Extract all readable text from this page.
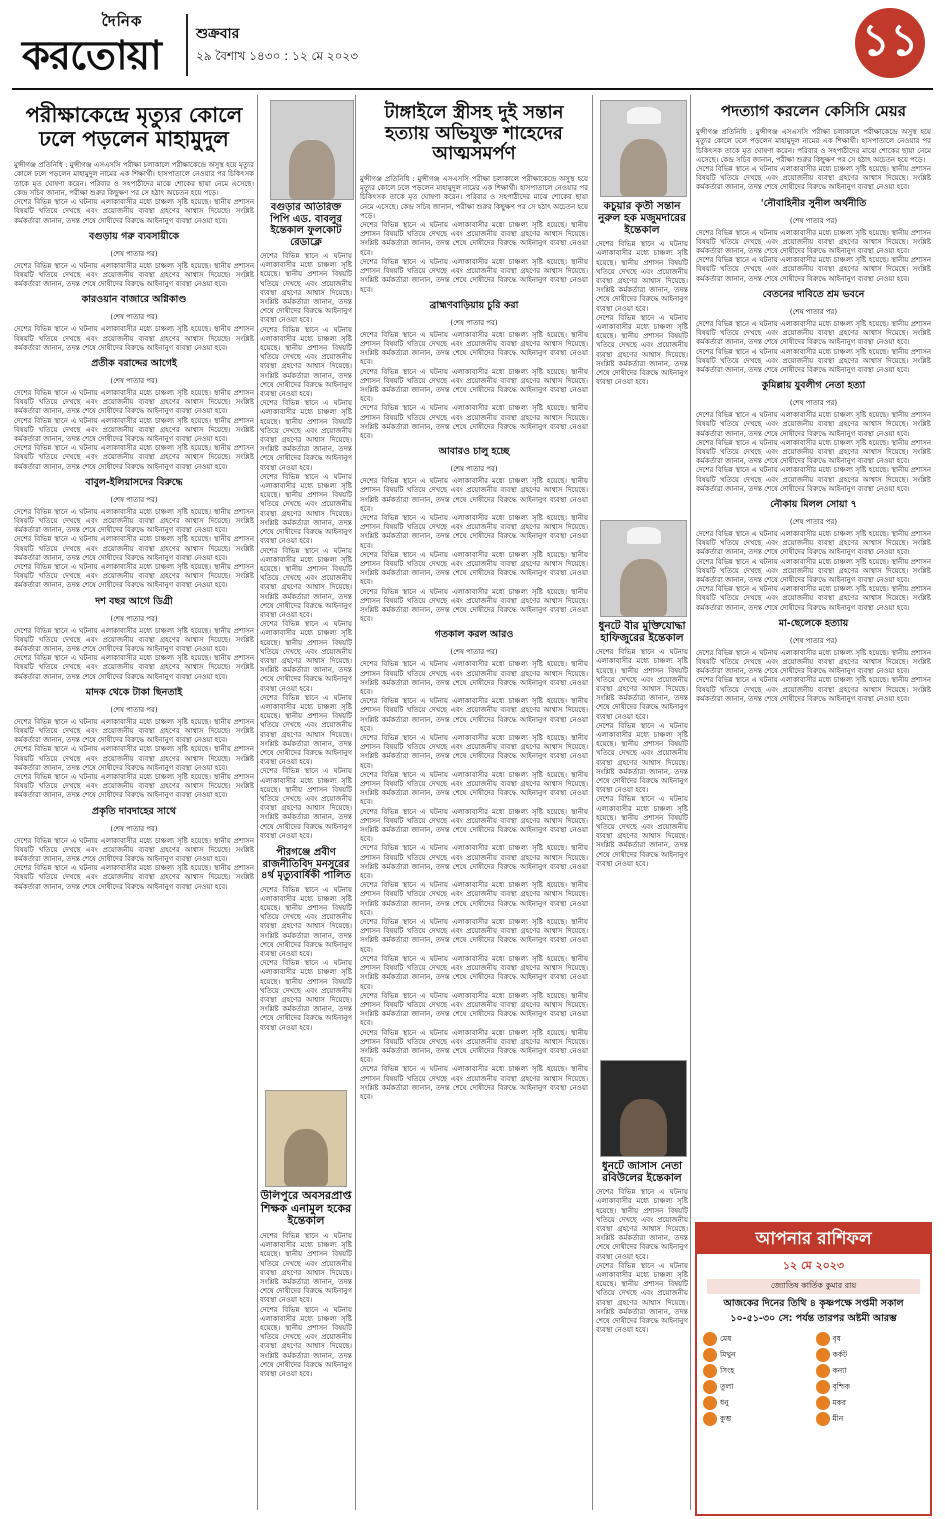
দৈনিক
করতোয়া	শুক্রবার
২৯ বৈশাখ ১৪৩০ : ১২ মে ২০২৩	১১
পরীক্ষাকেন্দ্রে মৃত্যুর কোলে ঢলে পড়লেন মাহামুদুল
মুন্সীগঞ্জ প্রতিনিধি : মুন্সীগঞ্জ এসএসসি পরীক্ষা চলাকালে পরীক্ষাকেন্দ্রে অসুস্থ হয়ে মৃত্যুর কোলে ঢলে পড়লেন মাহামুদুল নামের এক শিক্ষার্থী। হাসপাতালে নেওয়ার পর চিকিৎসক তাকে মৃত ঘোষণা করেন। পরিবার ও সহপাঠীদের মাঝে শোকের ছায়া নেমে এসেছে। কেন্দ্র সচিব জানান, পরীক্ষা শুরুর কিছুক্ষণ পর সে হঠাৎ অচেতন হয়ে পড়ে।
দেশের বিভিন্ন স্থানে এ ঘটনায় এলাকাবাসীর মধ্যে চাঞ্চল্য সৃষ্টি হয়েছে। স্থানীয় প্রশাসন বিষয়টি খতিয়ে দেখছে এবং প্রয়োজনীয় ব্যবস্থা গ্রহণের আশ্বাস দিয়েছে। সংশ্লিষ্ট কর্মকর্তারা জানান, তদন্ত শেষে দোষীদের বিরুদ্ধে আইনানুগ ব্যবস্থা নেওয়া হবে।
বগুড়ায় গরু ব্যবসায়ীকে
(শেষ পাতার পর)
দেশের বিভিন্ন স্থানে এ ঘটনায় এলাকাবাসীর মধ্যে চাঞ্চল্য সৃষ্টি হয়েছে। স্থানীয় প্রশাসন বিষয়টি খতিয়ে দেখছে এবং প্রয়োজনীয় ব্যবস্থা গ্রহণের আশ্বাস দিয়েছে। সংশ্লিষ্ট কর্মকর্তারা জানান, তদন্ত শেষে দোষীদের বিরুদ্ধে আইনানুগ ব্যবস্থা নেওয়া হবে।
কারওয়ান বাজারে অগ্নিকাণ্ড
(শেষ পাতার পর)
দেশের বিভিন্ন স্থানে এ ঘটনায় এলাকাবাসীর মধ্যে চাঞ্চল্য সৃষ্টি হয়েছে। স্থানীয় প্রশাসন বিষয়টি খতিয়ে দেখছে এবং প্রয়োজনীয় ব্যবস্থা গ্রহণের আশ্বাস দিয়েছে। সংশ্লিষ্ট কর্মকর্তারা জানান, তদন্ত শেষে দোষীদের বিরুদ্ধে আইনানুগ ব্যবস্থা নেওয়া হবে।
প্রতীক বরাদ্দের আগেই
(শেষ পাতার পর)
দেশের বিভিন্ন স্থানে এ ঘটনায় এলাকাবাসীর মধ্যে চাঞ্চল্য সৃষ্টি হয়েছে। স্থানীয় প্রশাসন বিষয়টি খতিয়ে দেখছে এবং প্রয়োজনীয় ব্যবস্থা গ্রহণের আশ্বাস দিয়েছে। সংশ্লিষ্ট কর্মকর্তারা জানান, তদন্ত শেষে দোষীদের বিরুদ্ধে আইনানুগ ব্যবস্থা নেওয়া হবে।
দেশের বিভিন্ন স্থানে এ ঘটনায় এলাকাবাসীর মধ্যে চাঞ্চল্য সৃষ্টি হয়েছে। স্থানীয় প্রশাসন বিষয়টি খতিয়ে দেখছে এবং প্রয়োজনীয় ব্যবস্থা গ্রহণের আশ্বাস দিয়েছে। সংশ্লিষ্ট কর্মকর্তারা জানান, তদন্ত শেষে দোষীদের বিরুদ্ধে আইনানুগ ব্যবস্থা নেওয়া হবে।
দেশের বিভিন্ন স্থানে এ ঘটনায় এলাকাবাসীর মধ্যে চাঞ্চল্য সৃষ্টি হয়েছে। স্থানীয় প্রশাসন বিষয়টি খতিয়ে দেখছে এবং প্রয়োজনীয় ব্যবস্থা গ্রহণের আশ্বাস দিয়েছে। সংশ্লিষ্ট কর্মকর্তারা জানান, তদন্ত শেষে দোষীদের বিরুদ্ধে আইনানুগ ব্যবস্থা নেওয়া হবে।
বাবুল-ইলিয়াসদের বিরুদ্ধে
(শেষ পাতার পর)
দেশের বিভিন্ন স্থানে এ ঘটনায় এলাকাবাসীর মধ্যে চাঞ্চল্য সৃষ্টি হয়েছে। স্থানীয় প্রশাসন বিষয়টি খতিয়ে দেখছে এবং প্রয়োজনীয় ব্যবস্থা গ্রহণের আশ্বাস দিয়েছে। সংশ্লিষ্ট কর্মকর্তারা জানান, তদন্ত শেষে দোষীদের বিরুদ্ধে আইনানুগ ব্যবস্থা নেওয়া হবে।
দেশের বিভিন্ন স্থানে এ ঘটনায় এলাকাবাসীর মধ্যে চাঞ্চল্য সৃষ্টি হয়েছে। স্থানীয় প্রশাসন বিষয়টি খতিয়ে দেখছে এবং প্রয়োজনীয় ব্যবস্থা গ্রহণের আশ্বাস দিয়েছে। সংশ্লিষ্ট কর্মকর্তারা জানান, তদন্ত শেষে দোষীদের বিরুদ্ধে আইনানুগ ব্যবস্থা নেওয়া হবে।
দেশের বিভিন্ন স্থানে এ ঘটনায় এলাকাবাসীর মধ্যে চাঞ্চল্য সৃষ্টি হয়েছে। স্থানীয় প্রশাসন বিষয়টি খতিয়ে দেখছে এবং প্রয়োজনীয় ব্যবস্থা গ্রহণের আশ্বাস দিয়েছে। সংশ্লিষ্ট কর্মকর্তারা জানান, তদন্ত শেষে দোষীদের বিরুদ্ধে আইনানুগ ব্যবস্থা নেওয়া হবে।
দশ বছর আগে ডিগ্রী
(শেষ পাতার পর)
দেশের বিভিন্ন স্থানে এ ঘটনায় এলাকাবাসীর মধ্যে চাঞ্চল্য সৃষ্টি হয়েছে। স্থানীয় প্রশাসন বিষয়টি খতিয়ে দেখছে এবং প্রয়োজনীয় ব্যবস্থা গ্রহণের আশ্বাস দিয়েছে। সংশ্লিষ্ট কর্মকর্তারা জানান, তদন্ত শেষে দোষীদের বিরুদ্ধে আইনানুগ ব্যবস্থা নেওয়া হবে।
দেশের বিভিন্ন স্থানে এ ঘটনায় এলাকাবাসীর মধ্যে চাঞ্চল্য সৃষ্টি হয়েছে। স্থানীয় প্রশাসন বিষয়টি খতিয়ে দেখছে এবং প্রয়োজনীয় ব্যবস্থা গ্রহণের আশ্বাস দিয়েছে। সংশ্লিষ্ট কর্মকর্তারা জানান, তদন্ত শেষে দোষীদের বিরুদ্ধে আইনানুগ ব্যবস্থা নেওয়া হবে।
মাদক থেকে টাকা ছিনতাই
(শেষ পাতার পর)
দেশের বিভিন্ন স্থানে এ ঘটনায় এলাকাবাসীর মধ্যে চাঞ্চল্য সৃষ্টি হয়েছে। স্থানীয় প্রশাসন বিষয়টি খতিয়ে দেখছে এবং প্রয়োজনীয় ব্যবস্থা গ্রহণের আশ্বাস দিয়েছে। সংশ্লিষ্ট কর্মকর্তারা জানান, তদন্ত শেষে দোষীদের বিরুদ্ধে আইনানুগ ব্যবস্থা নেওয়া হবে।
দেশের বিভিন্ন স্থানে এ ঘটনায় এলাকাবাসীর মধ্যে চাঞ্চল্য সৃষ্টি হয়েছে। স্থানীয় প্রশাসন বিষয়টি খতিয়ে দেখছে এবং প্রয়োজনীয় ব্যবস্থা গ্রহণের আশ্বাস দিয়েছে। সংশ্লিষ্ট কর্মকর্তারা জানান, তদন্ত শেষে দোষীদের বিরুদ্ধে আইনানুগ ব্যবস্থা নেওয়া হবে।
দেশের বিভিন্ন স্থানে এ ঘটনায় এলাকাবাসীর মধ্যে চাঞ্চল্য সৃষ্টি হয়েছে। স্থানীয় প্রশাসন বিষয়টি খতিয়ে দেখছে এবং প্রয়োজনীয় ব্যবস্থা গ্রহণের আশ্বাস দিয়েছে। সংশ্লিষ্ট কর্মকর্তারা জানান, তদন্ত শেষে দোষীদের বিরুদ্ধে আইনানুগ ব্যবস্থা নেওয়া হবে।
প্রকৃতি দাবদাহের সাথে
(শেষ পাতার পর)
দেশের বিভিন্ন স্থানে এ ঘটনায় এলাকাবাসীর মধ্যে চাঞ্চল্য সৃষ্টি হয়েছে। স্থানীয় প্রশাসন বিষয়টি খতিয়ে দেখছে এবং প্রয়োজনীয় ব্যবস্থা গ্রহণের আশ্বাস দিয়েছে। সংশ্লিষ্ট কর্মকর্তারা জানান, তদন্ত শেষে দোষীদের বিরুদ্ধে আইনানুগ ব্যবস্থা নেওয়া হবে।
দেশের বিভিন্ন স্থানে এ ঘটনায় এলাকাবাসীর মধ্যে চাঞ্চল্য সৃষ্টি হয়েছে। স্থানীয় প্রশাসন বিষয়টি খতিয়ে দেখছে এবং প্রয়োজনীয় ব্যবস্থা গ্রহণের আশ্বাস দিয়েছে। সংশ্লিষ্ট কর্মকর্তারা জানান, তদন্ত শেষে দোষীদের বিরুদ্ধে আইনানুগ ব্যবস্থা নেওয়া হবে।
বগুড়ার অতিরিক্ত পিপি এড. বাবলুর ইন্তেকাল ফুলকোট রেডাক্লে
দেশের বিভিন্ন স্থানে এ ঘটনায় এলাকাবাসীর মধ্যে চাঞ্চল্য সৃষ্টি হয়েছে। স্থানীয় প্রশাসন বিষয়টি খতিয়ে দেখছে এবং প্রয়োজনীয় ব্যবস্থা গ্রহণের আশ্বাস দিয়েছে। সংশ্লিষ্ট কর্মকর্তারা জানান, তদন্ত শেষে দোষীদের বিরুদ্ধে আইনানুগ ব্যবস্থা নেওয়া হবে।
দেশের বিভিন্ন স্থানে এ ঘটনায় এলাকাবাসীর মধ্যে চাঞ্চল্য সৃষ্টি হয়েছে। স্থানীয় প্রশাসন বিষয়টি খতিয়ে দেখছে এবং প্রয়োজনীয় ব্যবস্থা গ্রহণের আশ্বাস দিয়েছে। সংশ্লিষ্ট কর্মকর্তারা জানান, তদন্ত শেষে দোষীদের বিরুদ্ধে আইনানুগ ব্যবস্থা নেওয়া হবে।
দেশের বিভিন্ন স্থানে এ ঘটনায় এলাকাবাসীর মধ্যে চাঞ্চল্য সৃষ্টি হয়েছে। স্থানীয় প্রশাসন বিষয়টি খতিয়ে দেখছে এবং প্রয়োজনীয় ব্যবস্থা গ্রহণের আশ্বাস দিয়েছে। সংশ্লিষ্ট কর্মকর্তারা জানান, তদন্ত শেষে দোষীদের বিরুদ্ধে আইনানুগ ব্যবস্থা নেওয়া হবে।
দেশের বিভিন্ন স্থানে এ ঘটনায় এলাকাবাসীর মধ্যে চাঞ্চল্য সৃষ্টি হয়েছে। স্থানীয় প্রশাসন বিষয়টি খতিয়ে দেখছে এবং প্রয়োজনীয় ব্যবস্থা গ্রহণের আশ্বাস দিয়েছে। সংশ্লিষ্ট কর্মকর্তারা জানান, তদন্ত শেষে দোষীদের বিরুদ্ধে আইনানুগ ব্যবস্থা নেওয়া হবে।
দেশের বিভিন্ন স্থানে এ ঘটনায় এলাকাবাসীর মধ্যে চাঞ্চল্য সৃষ্টি হয়েছে। স্থানীয় প্রশাসন বিষয়টি খতিয়ে দেখছে এবং প্রয়োজনীয় ব্যবস্থা গ্রহণের আশ্বাস দিয়েছে। সংশ্লিষ্ট কর্মকর্তারা জানান, তদন্ত শেষে দোষীদের বিরুদ্ধে আইনানুগ ব্যবস্থা নেওয়া হবে।
দেশের বিভিন্ন স্থানে এ ঘটনায় এলাকাবাসীর মধ্যে চাঞ্চল্য সৃষ্টি হয়েছে। স্থানীয় প্রশাসন বিষয়টি খতিয়ে দেখছে এবং প্রয়োজনীয় ব্যবস্থা গ্রহণের আশ্বাস দিয়েছে। সংশ্লিষ্ট কর্মকর্তারা জানান, তদন্ত শেষে দোষীদের বিরুদ্ধে আইনানুগ ব্যবস্থা নেওয়া হবে।
দেশের বিভিন্ন স্থানে এ ঘটনায় এলাকাবাসীর মধ্যে চাঞ্চল্য সৃষ্টি হয়েছে। স্থানীয় প্রশাসন বিষয়টি খতিয়ে দেখছে এবং প্রয়োজনীয় ব্যবস্থা গ্রহণের আশ্বাস দিয়েছে। সংশ্লিষ্ট কর্মকর্তারা জানান, তদন্ত শেষে দোষীদের বিরুদ্ধে আইনানুগ ব্যবস্থা নেওয়া হবে।
দেশের বিভিন্ন স্থানে এ ঘটনায় এলাকাবাসীর মধ্যে চাঞ্চল্য সৃষ্টি হয়েছে। স্থানীয় প্রশাসন বিষয়টি খতিয়ে দেখছে এবং প্রয়োজনীয় ব্যবস্থা গ্রহণের আশ্বাস দিয়েছে। সংশ্লিষ্ট কর্মকর্তারা জানান, তদন্ত শেষে দোষীদের বিরুদ্ধে আইনানুগ ব্যবস্থা নেওয়া হবে।
পীরগঞ্জে প্রবীণ রাজনীতিবিদ মনসুরের ৪র্থ মৃত্যুবার্ষিকী পালিত
দেশের বিভিন্ন স্থানে এ ঘটনায় এলাকাবাসীর মধ্যে চাঞ্চল্য সৃষ্টি হয়েছে। স্থানীয় প্রশাসন বিষয়টি খতিয়ে দেখছে এবং প্রয়োজনীয় ব্যবস্থা গ্রহণের আশ্বাস দিয়েছে। সংশ্লিষ্ট কর্মকর্তারা জানান, তদন্ত শেষে দোষীদের বিরুদ্ধে আইনানুগ ব্যবস্থা নেওয়া হবে।
দেশের বিভিন্ন স্থানে এ ঘটনায় এলাকাবাসীর মধ্যে চাঞ্চল্য সৃষ্টি হয়েছে। স্থানীয় প্রশাসন বিষয়টি খতিয়ে দেখছে এবং প্রয়োজনীয় ব্যবস্থা গ্রহণের আশ্বাস দিয়েছে। সংশ্লিষ্ট কর্মকর্তারা জানান, তদন্ত শেষে দোষীদের বিরুদ্ধে আইনানুগ ব্যবস্থা নেওয়া হবে।
উলিপুরে অবসরপ্রাপ্ত শিক্ষক এনামুল হকের ইন্তেকাল
দেশের বিভিন্ন স্থানে এ ঘটনায় এলাকাবাসীর মধ্যে চাঞ্চল্য সৃষ্টি হয়েছে। স্থানীয় প্রশাসন বিষয়টি খতিয়ে দেখছে এবং প্রয়োজনীয় ব্যবস্থা গ্রহণের আশ্বাস দিয়েছে। সংশ্লিষ্ট কর্মকর্তারা জানান, তদন্ত শেষে দোষীদের বিরুদ্ধে আইনানুগ ব্যবস্থা নেওয়া হবে।
দেশের বিভিন্ন স্থানে এ ঘটনায় এলাকাবাসীর মধ্যে চাঞ্চল্য সৃষ্টি হয়েছে। স্থানীয় প্রশাসন বিষয়টি খতিয়ে দেখছে এবং প্রয়োজনীয় ব্যবস্থা গ্রহণের আশ্বাস দিয়েছে। সংশ্লিষ্ট কর্মকর্তারা জানান, তদন্ত শেষে দোষীদের বিরুদ্ধে আইনানুগ ব্যবস্থা নেওয়া হবে।
টাঙ্গাইলে স্ত্রীসহ দুই সন্তান হত্যায় অভিযুক্ত শাহেদের আত্মসমর্পণ
মুন্সীগঞ্জ প্রতিনিধি : মুন্সীগঞ্জ এসএসসি পরীক্ষা চলাকালে পরীক্ষাকেন্দ্রে অসুস্থ হয়ে মৃত্যুর কোলে ঢলে পড়লেন মাহামুদুল নামের এক শিক্ষার্থী। হাসপাতালে নেওয়ার পর চিকিৎসক তাকে মৃত ঘোষণা করেন। পরিবার ও সহপাঠীদের মাঝে শোকের ছায়া নেমে এসেছে। কেন্দ্র সচিব জানান, পরীক্ষা শুরুর কিছুক্ষণ পর সে হঠাৎ অচেতন হয়ে পড়ে।
দেশের বিভিন্ন স্থানে এ ঘটনায় এলাকাবাসীর মধ্যে চাঞ্চল্য সৃষ্টি হয়েছে। স্থানীয় প্রশাসন বিষয়টি খতিয়ে দেখছে এবং প্রয়োজনীয় ব্যবস্থা গ্রহণের আশ্বাস দিয়েছে। সংশ্লিষ্ট কর্মকর্তারা জানান, তদন্ত শেষে দোষীদের বিরুদ্ধে আইনানুগ ব্যবস্থা নেওয়া হবে।
দেশের বিভিন্ন স্থানে এ ঘটনায় এলাকাবাসীর মধ্যে চাঞ্চল্য সৃষ্টি হয়েছে। স্থানীয় প্রশাসন বিষয়টি খতিয়ে দেখছে এবং প্রয়োজনীয় ব্যবস্থা গ্রহণের আশ্বাস দিয়েছে। সংশ্লিষ্ট কর্মকর্তারা জানান, তদন্ত শেষে দোষীদের বিরুদ্ধে আইনানুগ ব্যবস্থা নেওয়া হবে।
ব্রাহ্মণবাড়িয়ায় চুরি করা
(শেষ পাতার পর)
দেশের বিভিন্ন স্থানে এ ঘটনায় এলাকাবাসীর মধ্যে চাঞ্চল্য সৃষ্টি হয়েছে। স্থানীয় প্রশাসন বিষয়টি খতিয়ে দেখছে এবং প্রয়োজনীয় ব্যবস্থা গ্রহণের আশ্বাস দিয়েছে। সংশ্লিষ্ট কর্মকর্তারা জানান, তদন্ত শেষে দোষীদের বিরুদ্ধে আইনানুগ ব্যবস্থা নেওয়া হবে।
দেশের বিভিন্ন স্থানে এ ঘটনায় এলাকাবাসীর মধ্যে চাঞ্চল্য সৃষ্টি হয়েছে। স্থানীয় প্রশাসন বিষয়টি খতিয়ে দেখছে এবং প্রয়োজনীয় ব্যবস্থা গ্রহণের আশ্বাস দিয়েছে। সংশ্লিষ্ট কর্মকর্তারা জানান, তদন্ত শেষে দোষীদের বিরুদ্ধে আইনানুগ ব্যবস্থা নেওয়া হবে।
দেশের বিভিন্ন স্থানে এ ঘটনায় এলাকাবাসীর মধ্যে চাঞ্চল্য সৃষ্টি হয়েছে। স্থানীয় প্রশাসন বিষয়টি খতিয়ে দেখছে এবং প্রয়োজনীয় ব্যবস্থা গ্রহণের আশ্বাস দিয়েছে। সংশ্লিষ্ট কর্মকর্তারা জানান, তদন্ত শেষে দোষীদের বিরুদ্ধে আইনানুগ ব্যবস্থা নেওয়া হবে।
আবারও চালু হচ্ছে
(শেষ পাতার পর)
দেশের বিভিন্ন স্থানে এ ঘটনায় এলাকাবাসীর মধ্যে চাঞ্চল্য সৃষ্টি হয়েছে। স্থানীয় প্রশাসন বিষয়টি খতিয়ে দেখছে এবং প্রয়োজনীয় ব্যবস্থা গ্রহণের আশ্বাস দিয়েছে। সংশ্লিষ্ট কর্মকর্তারা জানান, তদন্ত শেষে দোষীদের বিরুদ্ধে আইনানুগ ব্যবস্থা নেওয়া হবে।
দেশের বিভিন্ন স্থানে এ ঘটনায় এলাকাবাসীর মধ্যে চাঞ্চল্য সৃষ্টি হয়েছে। স্থানীয় প্রশাসন বিষয়টি খতিয়ে দেখছে এবং প্রয়োজনীয় ব্যবস্থা গ্রহণের আশ্বাস দিয়েছে। সংশ্লিষ্ট কর্মকর্তারা জানান, তদন্ত শেষে দোষীদের বিরুদ্ধে আইনানুগ ব্যবস্থা নেওয়া হবে।
দেশের বিভিন্ন স্থানে এ ঘটনায় এলাকাবাসীর মধ্যে চাঞ্চল্য সৃষ্টি হয়েছে। স্থানীয় প্রশাসন বিষয়টি খতিয়ে দেখছে এবং প্রয়োজনীয় ব্যবস্থা গ্রহণের আশ্বাস দিয়েছে। সংশ্লিষ্ট কর্মকর্তারা জানান, তদন্ত শেষে দোষীদের বিরুদ্ধে আইনানুগ ব্যবস্থা নেওয়া হবে।
দেশের বিভিন্ন স্থানে এ ঘটনায় এলাকাবাসীর মধ্যে চাঞ্চল্য সৃষ্টি হয়েছে। স্থানীয় প্রশাসন বিষয়টি খতিয়ে দেখছে এবং প্রয়োজনীয় ব্যবস্থা গ্রহণের আশ্বাস দিয়েছে। সংশ্লিষ্ট কর্মকর্তারা জানান, তদন্ত শেষে দোষীদের বিরুদ্ধে আইনানুগ ব্যবস্থা নেওয়া হবে।
গতকাল করল আরও
(শেষ পাতার পর)
দেশের বিভিন্ন স্থানে এ ঘটনায় এলাকাবাসীর মধ্যে চাঞ্চল্য সৃষ্টি হয়েছে। স্থানীয় প্রশাসন বিষয়টি খতিয়ে দেখছে এবং প্রয়োজনীয় ব্যবস্থা গ্রহণের আশ্বাস দিয়েছে। সংশ্লিষ্ট কর্মকর্তারা জানান, তদন্ত শেষে দোষীদের বিরুদ্ধে আইনানুগ ব্যবস্থা নেওয়া হবে।
দেশের বিভিন্ন স্থানে এ ঘটনায় এলাকাবাসীর মধ্যে চাঞ্চল্য সৃষ্টি হয়েছে। স্থানীয় প্রশাসন বিষয়টি খতিয়ে দেখছে এবং প্রয়োজনীয় ব্যবস্থা গ্রহণের আশ্বাস দিয়েছে। সংশ্লিষ্ট কর্মকর্তারা জানান, তদন্ত শেষে দোষীদের বিরুদ্ধে আইনানুগ ব্যবস্থা নেওয়া হবে।
দেশের বিভিন্ন স্থানে এ ঘটনায় এলাকাবাসীর মধ্যে চাঞ্চল্য সৃষ্টি হয়েছে। স্থানীয় প্রশাসন বিষয়টি খতিয়ে দেখছে এবং প্রয়োজনীয় ব্যবস্থা গ্রহণের আশ্বাস দিয়েছে। সংশ্লিষ্ট কর্মকর্তারা জানান, তদন্ত শেষে দোষীদের বিরুদ্ধে আইনানুগ ব্যবস্থা নেওয়া হবে।
দেশের বিভিন্ন স্থানে এ ঘটনায় এলাকাবাসীর মধ্যে চাঞ্চল্য সৃষ্টি হয়েছে। স্থানীয় প্রশাসন বিষয়টি খতিয়ে দেখছে এবং প্রয়োজনীয় ব্যবস্থা গ্রহণের আশ্বাস দিয়েছে। সংশ্লিষ্ট কর্মকর্তারা জানান, তদন্ত শেষে দোষীদের বিরুদ্ধে আইনানুগ ব্যবস্থা নেওয়া হবে।
দেশের বিভিন্ন স্থানে এ ঘটনায় এলাকাবাসীর মধ্যে চাঞ্চল্য সৃষ্টি হয়েছে। স্থানীয় প্রশাসন বিষয়টি খতিয়ে দেখছে এবং প্রয়োজনীয় ব্যবস্থা গ্রহণের আশ্বাস দিয়েছে। সংশ্লিষ্ট কর্মকর্তারা জানান, তদন্ত শেষে দোষীদের বিরুদ্ধে আইনানুগ ব্যবস্থা নেওয়া হবে।
দেশের বিভিন্ন স্থানে এ ঘটনায় এলাকাবাসীর মধ্যে চাঞ্চল্য সৃষ্টি হয়েছে। স্থানীয় প্রশাসন বিষয়টি খতিয়ে দেখছে এবং প্রয়োজনীয় ব্যবস্থা গ্রহণের আশ্বাস দিয়েছে। সংশ্লিষ্ট কর্মকর্তারা জানান, তদন্ত শেষে দোষীদের বিরুদ্ধে আইনানুগ ব্যবস্থা নেওয়া হবে।
দেশের বিভিন্ন স্থানে এ ঘটনায় এলাকাবাসীর মধ্যে চাঞ্চল্য সৃষ্টি হয়েছে। স্থানীয় প্রশাসন বিষয়টি খতিয়ে দেখছে এবং প্রয়োজনীয় ব্যবস্থা গ্রহণের আশ্বাস দিয়েছে। সংশ্লিষ্ট কর্মকর্তারা জানান, তদন্ত শেষে দোষীদের বিরুদ্ধে আইনানুগ ব্যবস্থা নেওয়া হবে।
দেশের বিভিন্ন স্থানে এ ঘটনায় এলাকাবাসীর মধ্যে চাঞ্চল্য সৃষ্টি হয়েছে। স্থানীয় প্রশাসন বিষয়টি খতিয়ে দেখছে এবং প্রয়োজনীয় ব্যবস্থা গ্রহণের আশ্বাস দিয়েছে। সংশ্লিষ্ট কর্মকর্তারা জানান, তদন্ত শেষে দোষীদের বিরুদ্ধে আইনানুগ ব্যবস্থা নেওয়া হবে।
দেশের বিভিন্ন স্থানে এ ঘটনায় এলাকাবাসীর মধ্যে চাঞ্চল্য সৃষ্টি হয়েছে। স্থানীয় প্রশাসন বিষয়টি খতিয়ে দেখছে এবং প্রয়োজনীয় ব্যবস্থা গ্রহণের আশ্বাস দিয়েছে। সংশ্লিষ্ট কর্মকর্তারা জানান, তদন্ত শেষে দোষীদের বিরুদ্ধে আইনানুগ ব্যবস্থা নেওয়া হবে।
দেশের বিভিন্ন স্থানে এ ঘটনায় এলাকাবাসীর মধ্যে চাঞ্চল্য সৃষ্টি হয়েছে। স্থানীয় প্রশাসন বিষয়টি খতিয়ে দেখছে এবং প্রয়োজনীয় ব্যবস্থা গ্রহণের আশ্বাস দিয়েছে। সংশ্লিষ্ট কর্মকর্তারা জানান, তদন্ত শেষে দোষীদের বিরুদ্ধে আইনানুগ ব্যবস্থা নেওয়া হবে।
দেশের বিভিন্ন স্থানে এ ঘটনায় এলাকাবাসীর মধ্যে চাঞ্চল্য সৃষ্টি হয়েছে। স্থানীয় প্রশাসন বিষয়টি খতিয়ে দেখছে এবং প্রয়োজনীয় ব্যবস্থা গ্রহণের আশ্বাস দিয়েছে। সংশ্লিষ্ট কর্মকর্তারা জানান, তদন্ত শেষে দোষীদের বিরুদ্ধে আইনানুগ ব্যবস্থা নেওয়া হবে।
দেশের বিভিন্ন স্থানে এ ঘটনায় এলাকাবাসীর মধ্যে চাঞ্চল্য সৃষ্টি হয়েছে। স্থানীয় প্রশাসন বিষয়টি খতিয়ে দেখছে এবং প্রয়োজনীয় ব্যবস্থা গ্রহণের আশ্বাস দিয়েছে। সংশ্লিষ্ট কর্মকর্তারা জানান, তদন্ত শেষে দোষীদের বিরুদ্ধে আইনানুগ ব্যবস্থা নেওয়া হবে।
কচুয়ার কৃতী সন্তান নুরুল হক মজুমদারের ইন্তেকাল
দেশের বিভিন্ন স্থানে এ ঘটনায় এলাকাবাসীর মধ্যে চাঞ্চল্য সৃষ্টি হয়েছে। স্থানীয় প্রশাসন বিষয়টি খতিয়ে দেখছে এবং প্রয়োজনীয় ব্যবস্থা গ্রহণের আশ্বাস দিয়েছে। সংশ্লিষ্ট কর্মকর্তারা জানান, তদন্ত শেষে দোষীদের বিরুদ্ধে আইনানুগ ব্যবস্থা নেওয়া হবে।
দেশের বিভিন্ন স্থানে এ ঘটনায় এলাকাবাসীর মধ্যে চাঞ্চল্য সৃষ্টি হয়েছে। স্থানীয় প্রশাসন বিষয়টি খতিয়ে দেখছে এবং প্রয়োজনীয় ব্যবস্থা গ্রহণের আশ্বাস দিয়েছে। সংশ্লিষ্ট কর্মকর্তারা জানান, তদন্ত শেষে দোষীদের বিরুদ্ধে আইনানুগ ব্যবস্থা নেওয়া হবে।
ধুনটে বীর মুক্তিযোদ্ধা হাফিজুরের ইন্তেকাল
দেশের বিভিন্ন স্থানে এ ঘটনায় এলাকাবাসীর মধ্যে চাঞ্চল্য সৃষ্টি হয়েছে। স্থানীয় প্রশাসন বিষয়টি খতিয়ে দেখছে এবং প্রয়োজনীয় ব্যবস্থা গ্রহণের আশ্বাস দিয়েছে। সংশ্লিষ্ট কর্মকর্তারা জানান, তদন্ত শেষে দোষীদের বিরুদ্ধে আইনানুগ ব্যবস্থা নেওয়া হবে।
দেশের বিভিন্ন স্থানে এ ঘটনায় এলাকাবাসীর মধ্যে চাঞ্চল্য সৃষ্টি হয়েছে। স্থানীয় প্রশাসন বিষয়টি খতিয়ে দেখছে এবং প্রয়োজনীয় ব্যবস্থা গ্রহণের আশ্বাস দিয়েছে। সংশ্লিষ্ট কর্মকর্তারা জানান, তদন্ত শেষে দোষীদের বিরুদ্ধে আইনানুগ ব্যবস্থা নেওয়া হবে।
দেশের বিভিন্ন স্থানে এ ঘটনায় এলাকাবাসীর মধ্যে চাঞ্চল্য সৃষ্টি হয়েছে। স্থানীয় প্রশাসন বিষয়টি খতিয়ে দেখছে এবং প্রয়োজনীয় ব্যবস্থা গ্রহণের আশ্বাস দিয়েছে। সংশ্লিষ্ট কর্মকর্তারা জানান, তদন্ত শেষে দোষীদের বিরুদ্ধে আইনানুগ ব্যবস্থা নেওয়া হবে।
ধুনটে জাসাস নেতা রবিউলের ইন্তেকাল
দেশের বিভিন্ন স্থানে এ ঘটনায় এলাকাবাসীর মধ্যে চাঞ্চল্য সৃষ্টি হয়েছে। স্থানীয় প্রশাসন বিষয়টি খতিয়ে দেখছে এবং প্রয়োজনীয় ব্যবস্থা গ্রহণের আশ্বাস দিয়েছে। সংশ্লিষ্ট কর্মকর্তারা জানান, তদন্ত শেষে দোষীদের বিরুদ্ধে আইনানুগ ব্যবস্থা নেওয়া হবে।
দেশের বিভিন্ন স্থানে এ ঘটনায় এলাকাবাসীর মধ্যে চাঞ্চল্য সৃষ্টি হয়েছে। স্থানীয় প্রশাসন বিষয়টি খতিয়ে দেখছে এবং প্রয়োজনীয় ব্যবস্থা গ্রহণের আশ্বাস দিয়েছে। সংশ্লিষ্ট কর্মকর্তারা জানান, তদন্ত শেষে দোষীদের বিরুদ্ধে আইনানুগ ব্যবস্থা নেওয়া হবে।
পদত্যাগ করলেন কেসিসি মেয়র
মুন্সীগঞ্জ প্রতিনিধি : মুন্সীগঞ্জ এসএসসি পরীক্ষা চলাকালে পরীক্ষাকেন্দ্রে অসুস্থ হয়ে মৃত্যুর কোলে ঢলে পড়লেন মাহামুদুল নামের এক শিক্ষার্থী। হাসপাতালে নেওয়ার পর চিকিৎসক তাকে মৃত ঘোষণা করেন। পরিবার ও সহপাঠীদের মাঝে শোকের ছায়া নেমে এসেছে। কেন্দ্র সচিব জানান, পরীক্ষা শুরুর কিছুক্ষণ পর সে হঠাৎ অচেতন হয়ে পড়ে।
দেশের বিভিন্ন স্থানে এ ঘটনায় এলাকাবাসীর মধ্যে চাঞ্চল্য সৃষ্টি হয়েছে। স্থানীয় প্রশাসন বিষয়টি খতিয়ে দেখছে এবং প্রয়োজনীয় ব্যবস্থা গ্রহণের আশ্বাস দিয়েছে। সংশ্লিষ্ট কর্মকর্তারা জানান, তদন্ত শেষে দোষীদের বিরুদ্ধে আইনানুগ ব্যবস্থা নেওয়া হবে।
'নৌবাহিনীর সুনীল অর্থনীতি
(শেষ পাতার পর)
দেশের বিভিন্ন স্থানে এ ঘটনায় এলাকাবাসীর মধ্যে চাঞ্চল্য সৃষ্টি হয়েছে। স্থানীয় প্রশাসন বিষয়টি খতিয়ে দেখছে এবং প্রয়োজনীয় ব্যবস্থা গ্রহণের আশ্বাস দিয়েছে। সংশ্লিষ্ট কর্মকর্তারা জানান, তদন্ত শেষে দোষীদের বিরুদ্ধে আইনানুগ ব্যবস্থা নেওয়া হবে।
দেশের বিভিন্ন স্থানে এ ঘটনায় এলাকাবাসীর মধ্যে চাঞ্চল্য সৃষ্টি হয়েছে। স্থানীয় প্রশাসন বিষয়টি খতিয়ে দেখছে এবং প্রয়োজনীয় ব্যবস্থা গ্রহণের আশ্বাস দিয়েছে। সংশ্লিষ্ট কর্মকর্তারা জানান, তদন্ত শেষে দোষীদের বিরুদ্ধে আইনানুগ ব্যবস্থা নেওয়া হবে।
বেতনের দাবিতে শ্রম ভবনে
(শেষ পাতার পর)
দেশের বিভিন্ন স্থানে এ ঘটনায় এলাকাবাসীর মধ্যে চাঞ্চল্য সৃষ্টি হয়েছে। স্থানীয় প্রশাসন বিষয়টি খতিয়ে দেখছে এবং প্রয়োজনীয় ব্যবস্থা গ্রহণের আশ্বাস দিয়েছে। সংশ্লিষ্ট কর্মকর্তারা জানান, তদন্ত শেষে দোষীদের বিরুদ্ধে আইনানুগ ব্যবস্থা নেওয়া হবে।
দেশের বিভিন্ন স্থানে এ ঘটনায় এলাকাবাসীর মধ্যে চাঞ্চল্য সৃষ্টি হয়েছে। স্থানীয় প্রশাসন বিষয়টি খতিয়ে দেখছে এবং প্রয়োজনীয় ব্যবস্থা গ্রহণের আশ্বাস দিয়েছে। সংশ্লিষ্ট কর্মকর্তারা জানান, তদন্ত শেষে দোষীদের বিরুদ্ধে আইনানুগ ব্যবস্থা নেওয়া হবে।
কুমিল্লায় যুবলীগ নেতা হত্যা
(শেষ পাতার পর)
দেশের বিভিন্ন স্থানে এ ঘটনায় এলাকাবাসীর মধ্যে চাঞ্চল্য সৃষ্টি হয়েছে। স্থানীয় প্রশাসন বিষয়টি খতিয়ে দেখছে এবং প্রয়োজনীয় ব্যবস্থা গ্রহণের আশ্বাস দিয়েছে। সংশ্লিষ্ট কর্মকর্তারা জানান, তদন্ত শেষে দোষীদের বিরুদ্ধে আইনানুগ ব্যবস্থা নেওয়া হবে।
দেশের বিভিন্ন স্থানে এ ঘটনায় এলাকাবাসীর মধ্যে চাঞ্চল্য সৃষ্টি হয়েছে। স্থানীয় প্রশাসন বিষয়টি খতিয়ে দেখছে এবং প্রয়োজনীয় ব্যবস্থা গ্রহণের আশ্বাস দিয়েছে। সংশ্লিষ্ট কর্মকর্তারা জানান, তদন্ত শেষে দোষীদের বিরুদ্ধে আইনানুগ ব্যবস্থা নেওয়া হবে।
দেশের বিভিন্ন স্থানে এ ঘটনায় এলাকাবাসীর মধ্যে চাঞ্চল্য সৃষ্টি হয়েছে। স্থানীয় প্রশাসন বিষয়টি খতিয়ে দেখছে এবং প্রয়োজনীয় ব্যবস্থা গ্রহণের আশ্বাস দিয়েছে। সংশ্লিষ্ট কর্মকর্তারা জানান, তদন্ত শেষে দোষীদের বিরুদ্ধে আইনানুগ ব্যবস্থা নেওয়া হবে।
নৌকায় মিলল সোয়া ৭
(শেষ পাতার পর)
দেশের বিভিন্ন স্থানে এ ঘটনায় এলাকাবাসীর মধ্যে চাঞ্চল্য সৃষ্টি হয়েছে। স্থানীয় প্রশাসন বিষয়টি খতিয়ে দেখছে এবং প্রয়োজনীয় ব্যবস্থা গ্রহণের আশ্বাস দিয়েছে। সংশ্লিষ্ট কর্মকর্তারা জানান, তদন্ত শেষে দোষীদের বিরুদ্ধে আইনানুগ ব্যবস্থা নেওয়া হবে।
দেশের বিভিন্ন স্থানে এ ঘটনায় এলাকাবাসীর মধ্যে চাঞ্চল্য সৃষ্টি হয়েছে। স্থানীয় প্রশাসন বিষয়টি খতিয়ে দেখছে এবং প্রয়োজনীয় ব্যবস্থা গ্রহণের আশ্বাস দিয়েছে। সংশ্লিষ্ট কর্মকর্তারা জানান, তদন্ত শেষে দোষীদের বিরুদ্ধে আইনানুগ ব্যবস্থা নেওয়া হবে।
দেশের বিভিন্ন স্থানে এ ঘটনায় এলাকাবাসীর মধ্যে চাঞ্চল্য সৃষ্টি হয়েছে। স্থানীয় প্রশাসন বিষয়টি খতিয়ে দেখছে এবং প্রয়োজনীয় ব্যবস্থা গ্রহণের আশ্বাস দিয়েছে। সংশ্লিষ্ট কর্মকর্তারা জানান, তদন্ত শেষে দোষীদের বিরুদ্ধে আইনানুগ ব্যবস্থা নেওয়া হবে।
মা-ছেলেকে হত্যায়
(শেষ পাতার পর)
দেশের বিভিন্ন স্থানে এ ঘটনায় এলাকাবাসীর মধ্যে চাঞ্চল্য সৃষ্টি হয়েছে। স্থানীয় প্রশাসন বিষয়টি খতিয়ে দেখছে এবং প্রয়োজনীয় ব্যবস্থা গ্রহণের আশ্বাস দিয়েছে। সংশ্লিষ্ট কর্মকর্তারা জানান, তদন্ত শেষে দোষীদের বিরুদ্ধে আইনানুগ ব্যবস্থা নেওয়া হবে।
দেশের বিভিন্ন স্থানে এ ঘটনায় এলাকাবাসীর মধ্যে চাঞ্চল্য সৃষ্টি হয়েছে। স্থানীয় প্রশাসন বিষয়টি খতিয়ে দেখছে এবং প্রয়োজনীয় ব্যবস্থা গ্রহণের আশ্বাস দিয়েছে। সংশ্লিষ্ট কর্মকর্তারা জানান, তদন্ত শেষে দোষীদের বিরুদ্ধে আইনানুগ ব্যবস্থা নেওয়া হবে।
আপনার রাশিফল
১২ মে ২০২৩
জ্যোতিষ কার্তিক কুমার রায়
আজকের দিনের তিথি ৪ কৃষ্ণপক্ষে সপ্তমী সকাল ১০-৫১-৩০ সে: পর্যন্ত তারপর অষ্টমী আরম্ভ
মেষ	বৃষ
মিথুন	কর্কট
সিংহ	কন্যা
তুলা	বৃশ্চিক
ধনু	মকর
কুম্ভ	মীন
